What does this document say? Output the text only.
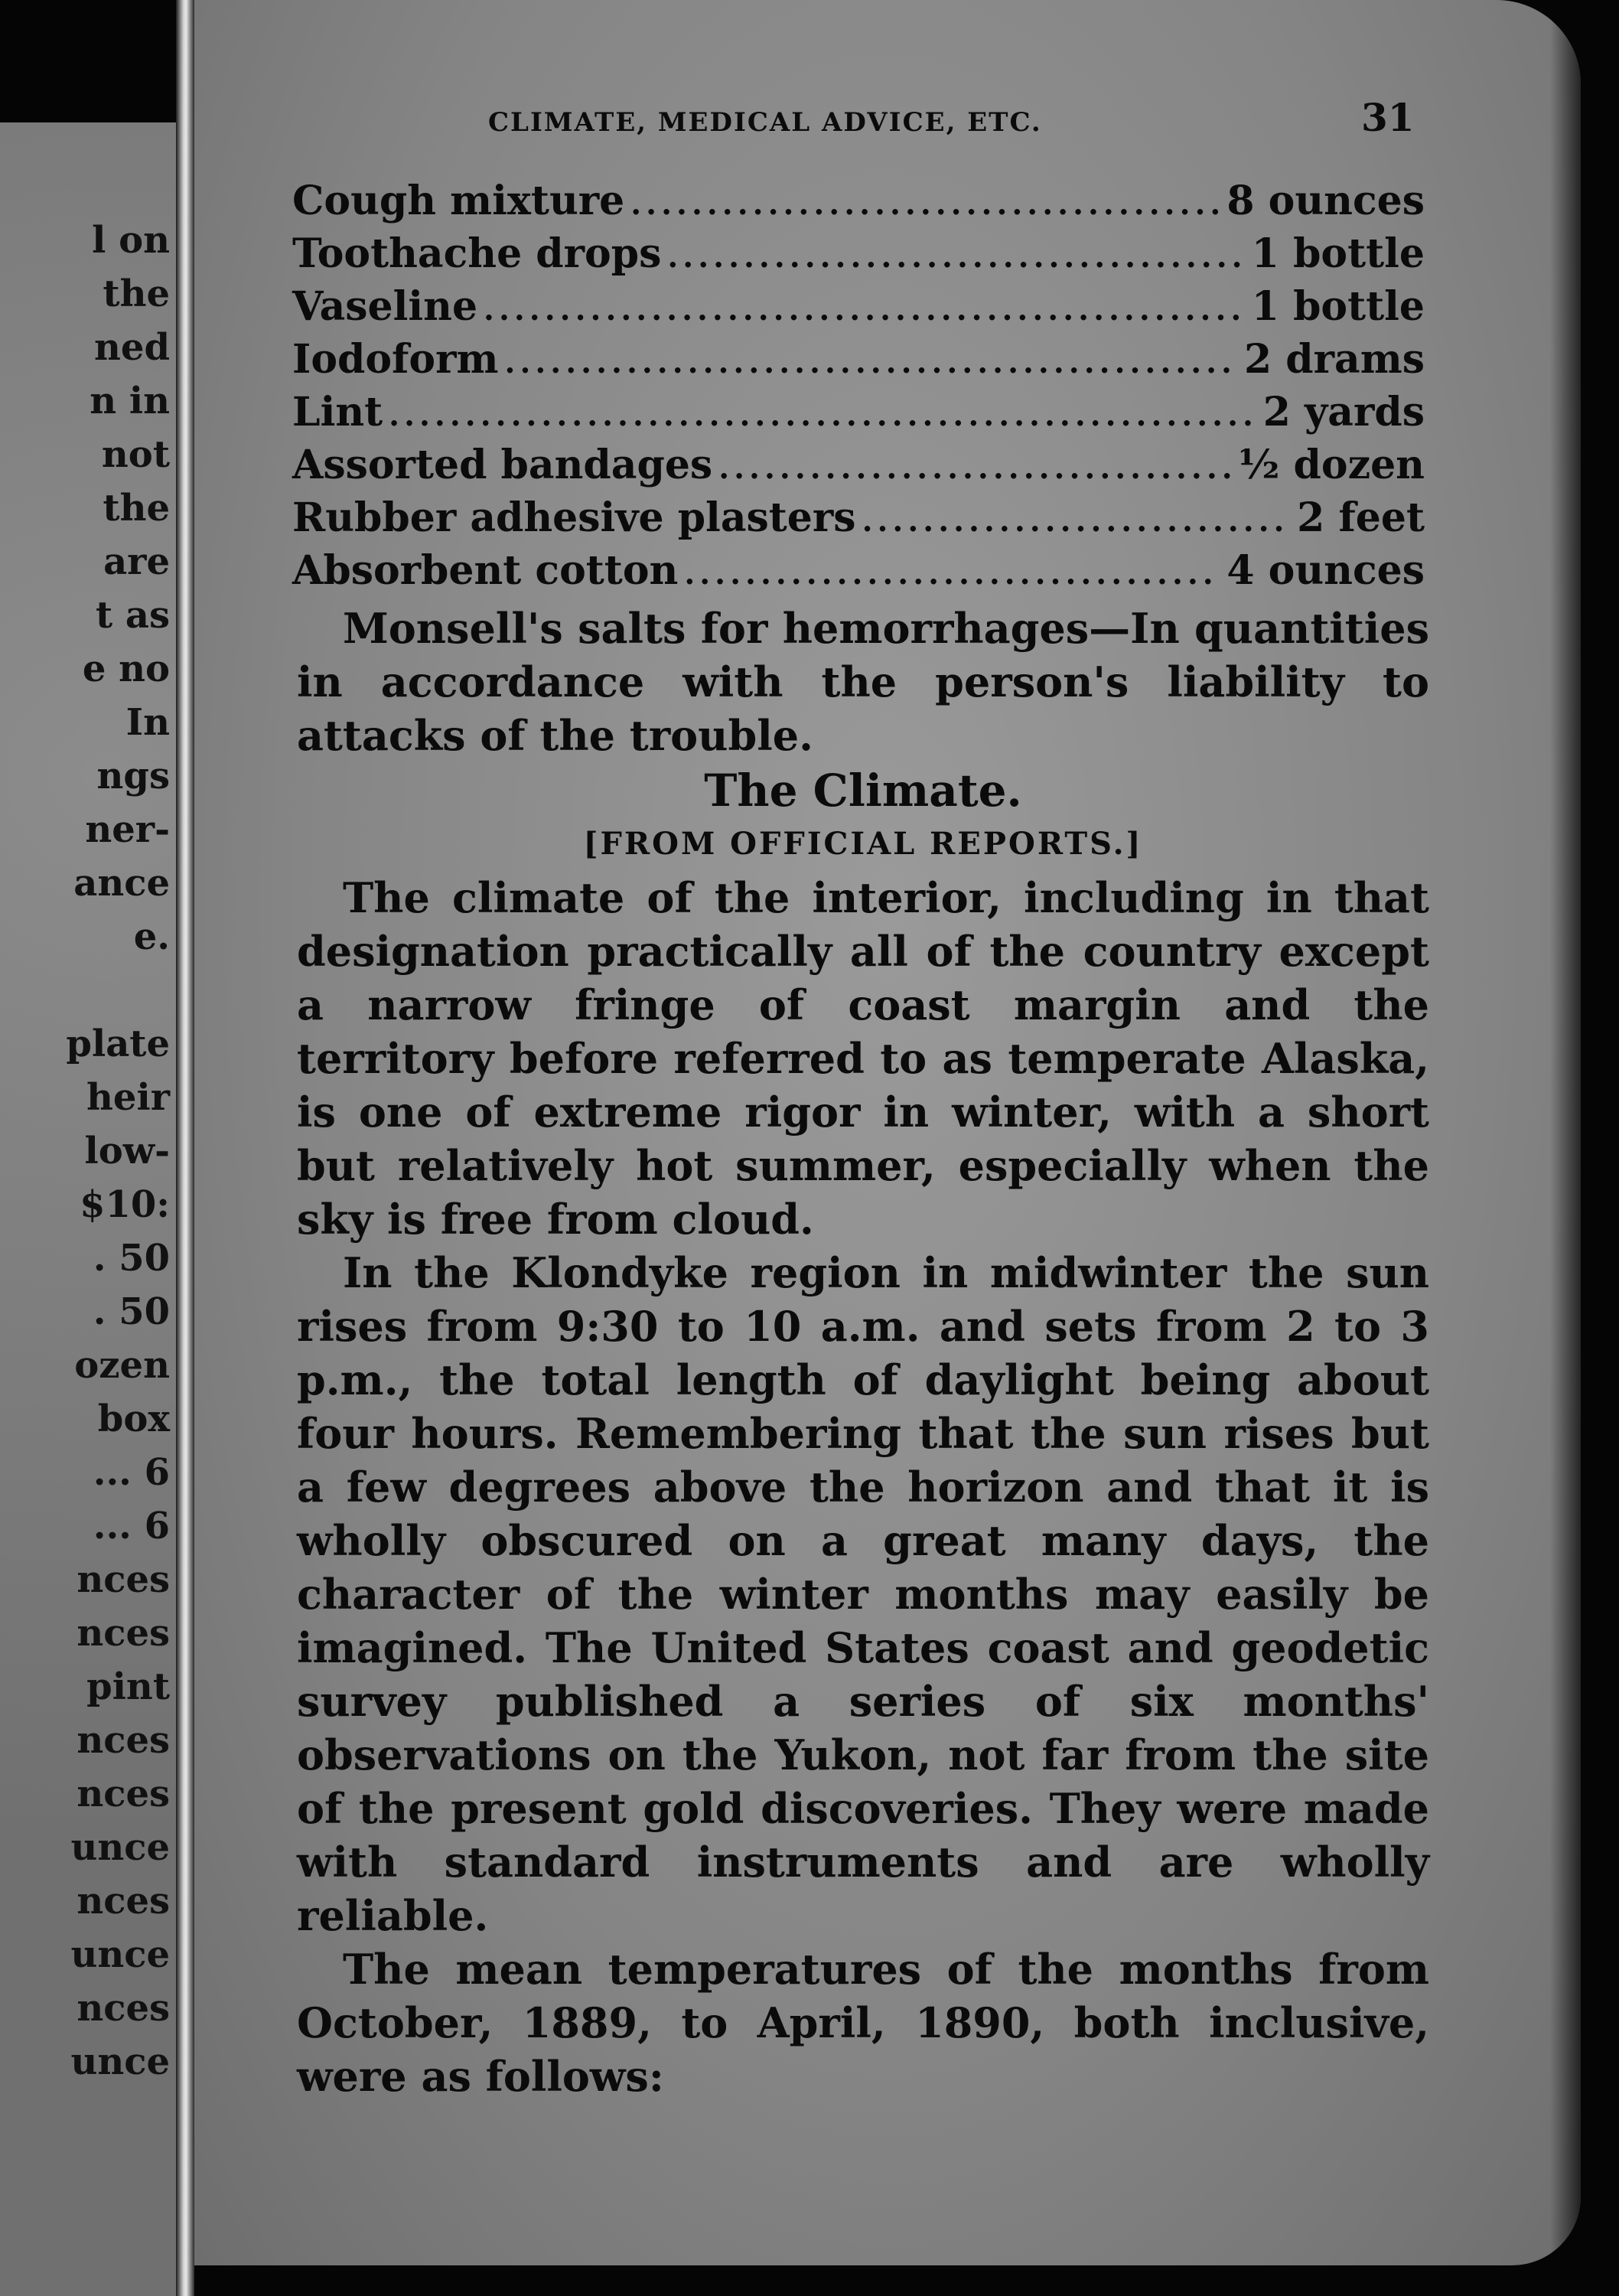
l on
the
ned
n in
not
the
are
t as
e no
In
ngs
ner-
ance
e.
plate
heir
low-
$10:
. 50
. 50
ozen
box
... 6
... 6
nces
nces
pint
nces
nces
unce
nces
unce
nces
unce
CLIMATE, MEDICAL ADVICE, ETC.	31
Cough mixture .....	8 ounces
Toothache drops .....	1 bottle
Vaseline .....	1 bottle
Iodoform .....	2 drams
Lint .....	2 yards
Assorted bandages .....	½ dozen
Rubber adhesive plasters .....	2 feet
Absorbent cotton .....	4 ounces

Monsell's salts for hemorrhages—In quantities in accordance with the person's liability to attacks of the trouble.

The Climate.

[FROM OFFICIAL REPORTS.]

The climate of the interior, including in that designation practically all of the country except a narrow fringe of coast margin and the territory before referred to as temperate Alaska, is one of extreme rigor in winter, with a short but relatively hot summer, especially when the sky is free from cloud.

In the Klondyke region in midwinter the sun rises from 9:30 to 10 a.m. and sets from 2 to 3 p.m., the total length of daylight being about four hours. Remembering that the sun rises but a few degrees above the horizon and that it is wholly obscured on a great many days, the character of the winter months may easily be imagined. The United States coast and geodetic survey published a series of six months' observations on the Yukon, not far from the site of the present gold discoveries. They were made with standard instruments and are wholly reliable.

The mean temperatures of the months from October, 1889, to April, 1890, both inclusive, were as follows:
